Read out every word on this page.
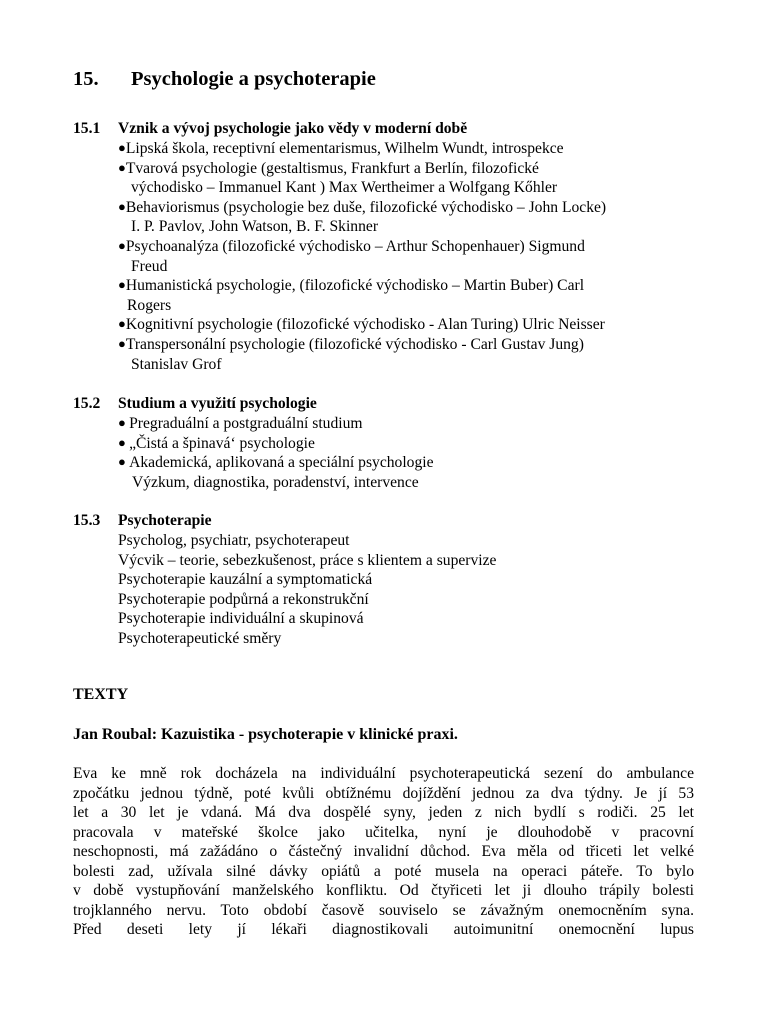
15. Psychologie a psychoterapie
15.1 Vznik a vývoj psychologie jako vědy v moderní době
●Lipská škola, receptivní elementarismus, Wilhelm Wundt, introspekce
●Tvarová psychologie (gestaltismus, Frankfurt a Berlín, filozofické
východisko – Immanuel Kant ) Max Wertheimer a Wolfgang Kőhler
●Behaviorismus (psychologie bez duše, filozofické východisko – John Locke)
I. P. Pavlov, John Watson, B. F. Skinner
●Psychoanalýza (filozofické východisko – Arthur Schopenhauer) Sigmund
Freud
●Humanistická psychologie, (filozofické východisko – Martin Buber) Carl
Rogers
●Kognitivní psychologie (filozofické východisko - Alan Turing) Ulric Neisser
●Transpersonální psychologie (filozofické východisko - Carl Gustav Jung)
Stanislav Grof
15.2 Studium a využití psychologie
● Pregraduální a postgraduální studium
● „Čistá a špinavá‘ psychologie
● Akademická, aplikovaná a speciální psychologie
Výzkum, diagnostika, poradenství, intervence
15.3 Psychoterapie
Psycholog, psychiatr, psychoterapeut
Výcvik – teorie, sebezkušenost, práce s klientem a supervize
Psychoterapie kauzální a symptomatická
Psychoterapie podpůrná a rekonstrukční
Psychoterapie individuální a skupinová
Psychoterapeutické směry
TEXTY
Jan Roubal: Kazuistika - psychoterapie v klinické praxi.
Eva ke mně rok docházela na individuální psychoterapeutická sezení do ambulance
zpočátku jednou týdně, poté kvůli obtížnému dojíždění jednou za dva týdny. Je jí 53
let a 30 let je vdaná. Má dva dospělé syny, jeden z nich bydlí s rodiči. 25 let
pracovala v mateřské školce jako učitelka, nyní je dlouhodobě v pracovní
neschopnosti, má zažádáno o částečný invalidní důchod. Eva měla od třiceti let velké
bolesti zad, užívala silné dávky opiátů a poté musela na operaci páteře. To bylo
v době vystupňování manželského konfliktu. Od čtyřiceti let ji dlouho trápily bolesti
trojklanného nervu. Toto období časově souviselo se závažným onemocněním syna.
Před deseti lety jí lékaři diagnostikovali autoimunitní onemocnění lupus
